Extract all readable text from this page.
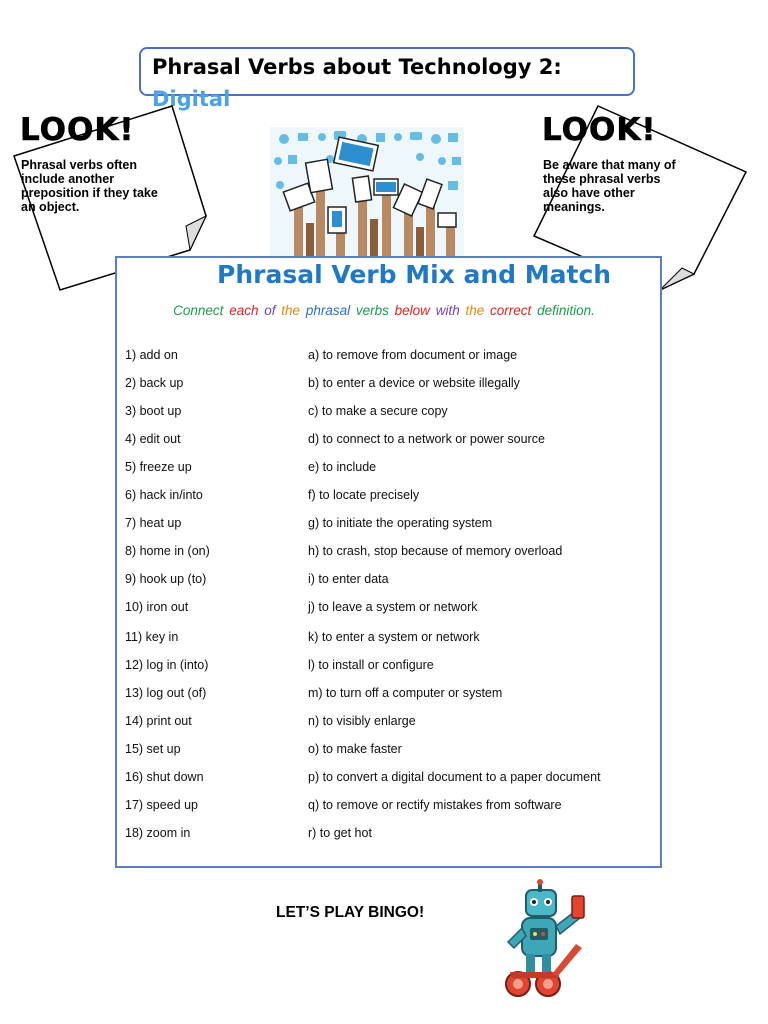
Phrasal Verbs about Technology 2:
Digital
LOOK!
Phrasal verbs often
include another
preposition if they take
an object.
LOOK!
Be aware that many of
these phrasal verbs
also have other
meanings.
Phrasal Verb Mix and Match
Connect each of the phrasal verbs below with the correct definition.
1) add on
2) back up
3) boot up
4) edit out
5) freeze up
6) hack in/into
7) heat up
8) home in (on)
9) hook up (to)
10) iron out
11) key in
12) log in (into)
13) log out (of)
14) print out
15) set up
16) shut down
17) speed up
18) zoom in
a) to remove from document or image
b) to enter a device or website illegally
c) to make a secure copy
d) to connect to a network or power source
e) to include
f) to locate precisely
g) to initiate the operating system
h) to crash, stop because of memory overload
i) to enter data
j) to leave a system or network
k) to enter a system or network
l) to install or configure
m) to turn off a computer or system
n) to visibly enlarge
o) to make faster
p) to convert a digital document to a paper document
q) to remove or rectify mistakes from software
r) to get hot
LET’S PLAY BINGO!
